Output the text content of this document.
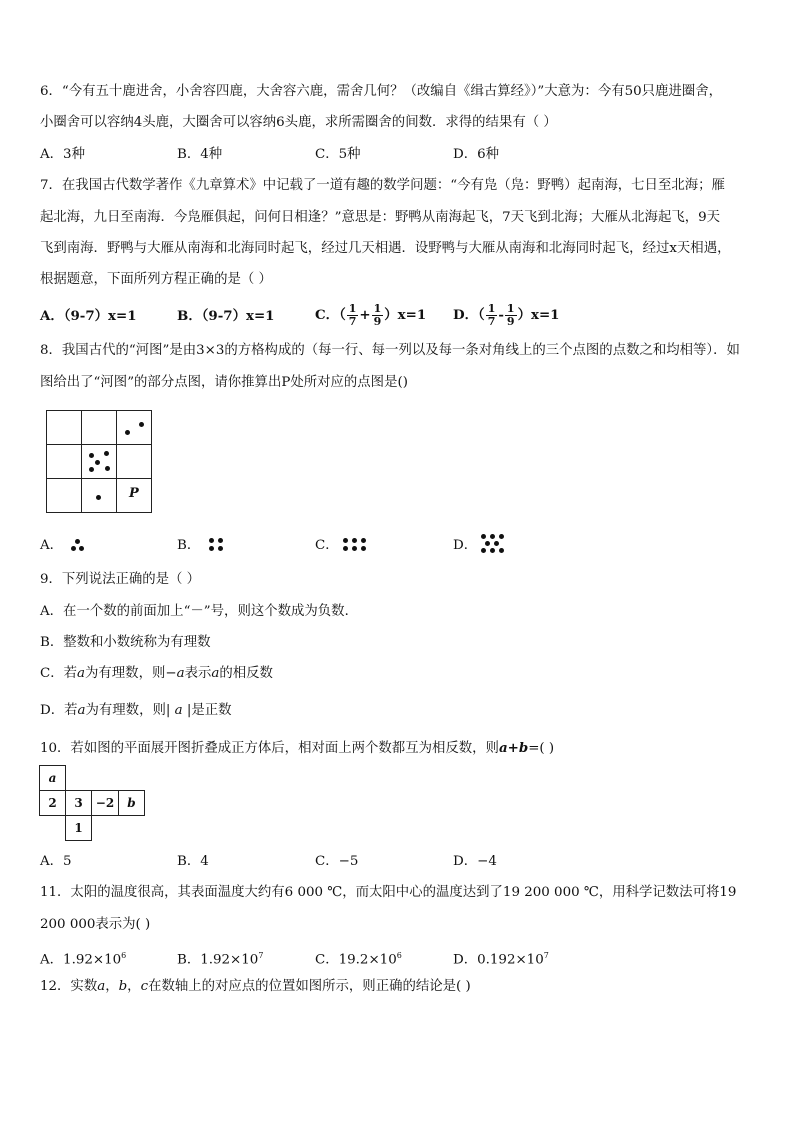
6．“今有五十鹿进舍，小舍容四鹿，大舍容六鹿，需舍几何？（改编自《缉古算经》）”大意为：今有50只鹿进圈舍，
小圈舍可以容纳4头鹿，大圈舍可以容纳6头鹿，求所需圈舍的间数．求得的结果有（ ）
A．3种	B．4种	C．5种	D．6种
7．在我国古代数学著作《九章算术》中记载了一道有趣的数学问题：“今有凫（凫：野鸭）起南海，七日至北海；雁
起北海，九日至南海．今凫雁俱起，问何日相逢？”意思是：野鸭从南海起飞，7天飞到北海；大雁从北海起飞，9天
飞到南海．野鸭与大雁从南海和北海同时起飞，经过几天相遇．设野鸭与大雁从南海和北海同时起飞，经过x天相遇，
根据题意，下面所列方程正确的是（ ）
A．（9-7）x=1	B．（9-7）x=1	C．（ $\frac{1}{7} + \frac{1}{9} )x=1$ D．（ $\frac{1}{7} - \frac{1}{9} )x=1$
8．我国古代的“河图”是由3×3的方格构成的（每一行、每一列以及每一条对角线上的三个点图的点数之和均相等）．如
图给出了“河图”的部分点图，请你推算出P处所对应的点图是()
P
A．	B．	C．	D．
9．下列说法正确的是（ ）
A．在一个数的前面加上“－”号，则这个数成为负数．
B．整数和小数统称为有理数
C．若a为有理数，则−a表示a的相反数
D．若a为有理数，则| a |是正数
10．若如图的平面展开图折叠成正方体后，相对面上两个数都互为相反数，则a+b=( )
a
2	3	−2	b
1
A．5	B．4	C．−5	D．−4
11．太阳的温度很高，其表面温度大约有6 000 ℃，而太阳中心的温度达到了19 200 000 ℃，用科学记数法可将19
200 000表示为( )
A．$1.92\times 10^6$	B．$1.92\times 10^7$	C．$19.2\times 10^6$	D．$0.192\times 10^7$
12．实数a，b，c在数轴上的对应点的位置如图所示，则正确的结论是( )
